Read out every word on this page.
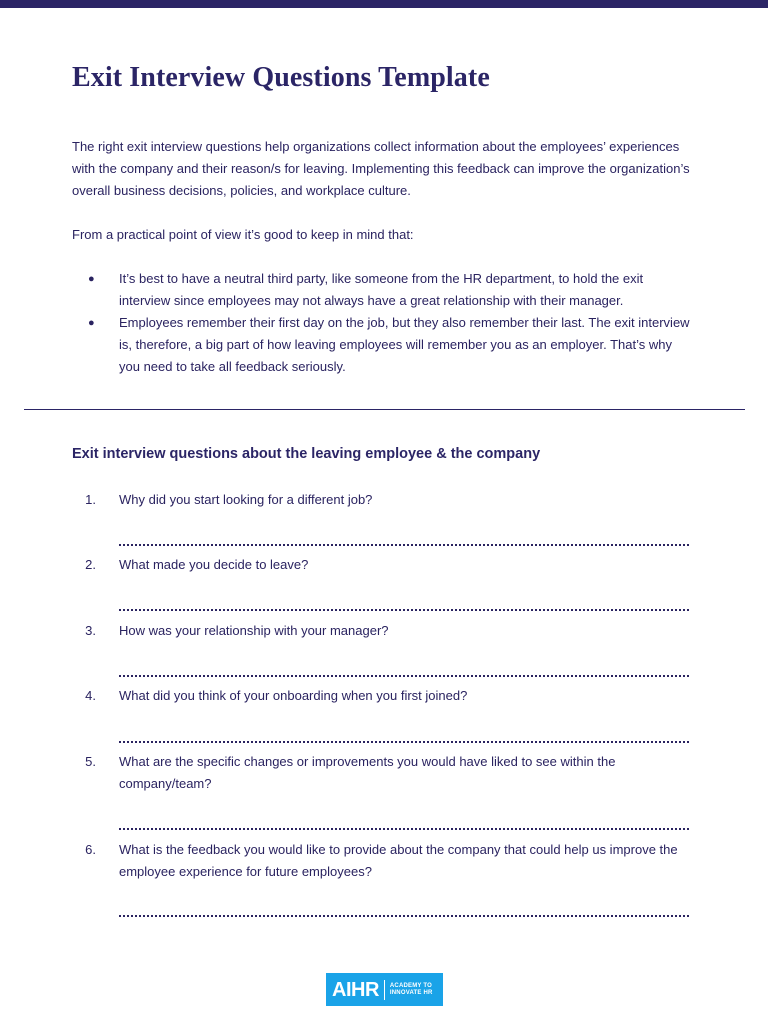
Exit Interview Questions Template

The right exit interview questions help organizations collect information about the employees’ experiences with the company and their reason/s for leaving. Implementing this feedback can improve the organization’s overall business decisions, policies, and workplace culture.

From a practical point of view it’s good to keep in mind that:

● It’s best to have a neutral third party, like someone from the HR department, to hold the exit interview since employees may not always have a great relationship with their manager.
● Employees remember their first day on the job, but they also remember their last. The exit interview is, therefore, a big part of how leaving employees will remember you as an employer. That’s why you need to take all feedback seriously.
Exit interview questions about the leaving employee & the company
1. Why did you start looking for a different job?
2. What made you decide to leave?
3. How was your relationship with your manager?
4. What did you think of your onboarding when you first joined?
5. What are the specific changes or improvements you would have liked to see within the company/team?
6. What is the feedback you would like to provide about the company that could help us improve the employee experience for future employees?
AIHR ACADEMY TO
INNOVATE HR
